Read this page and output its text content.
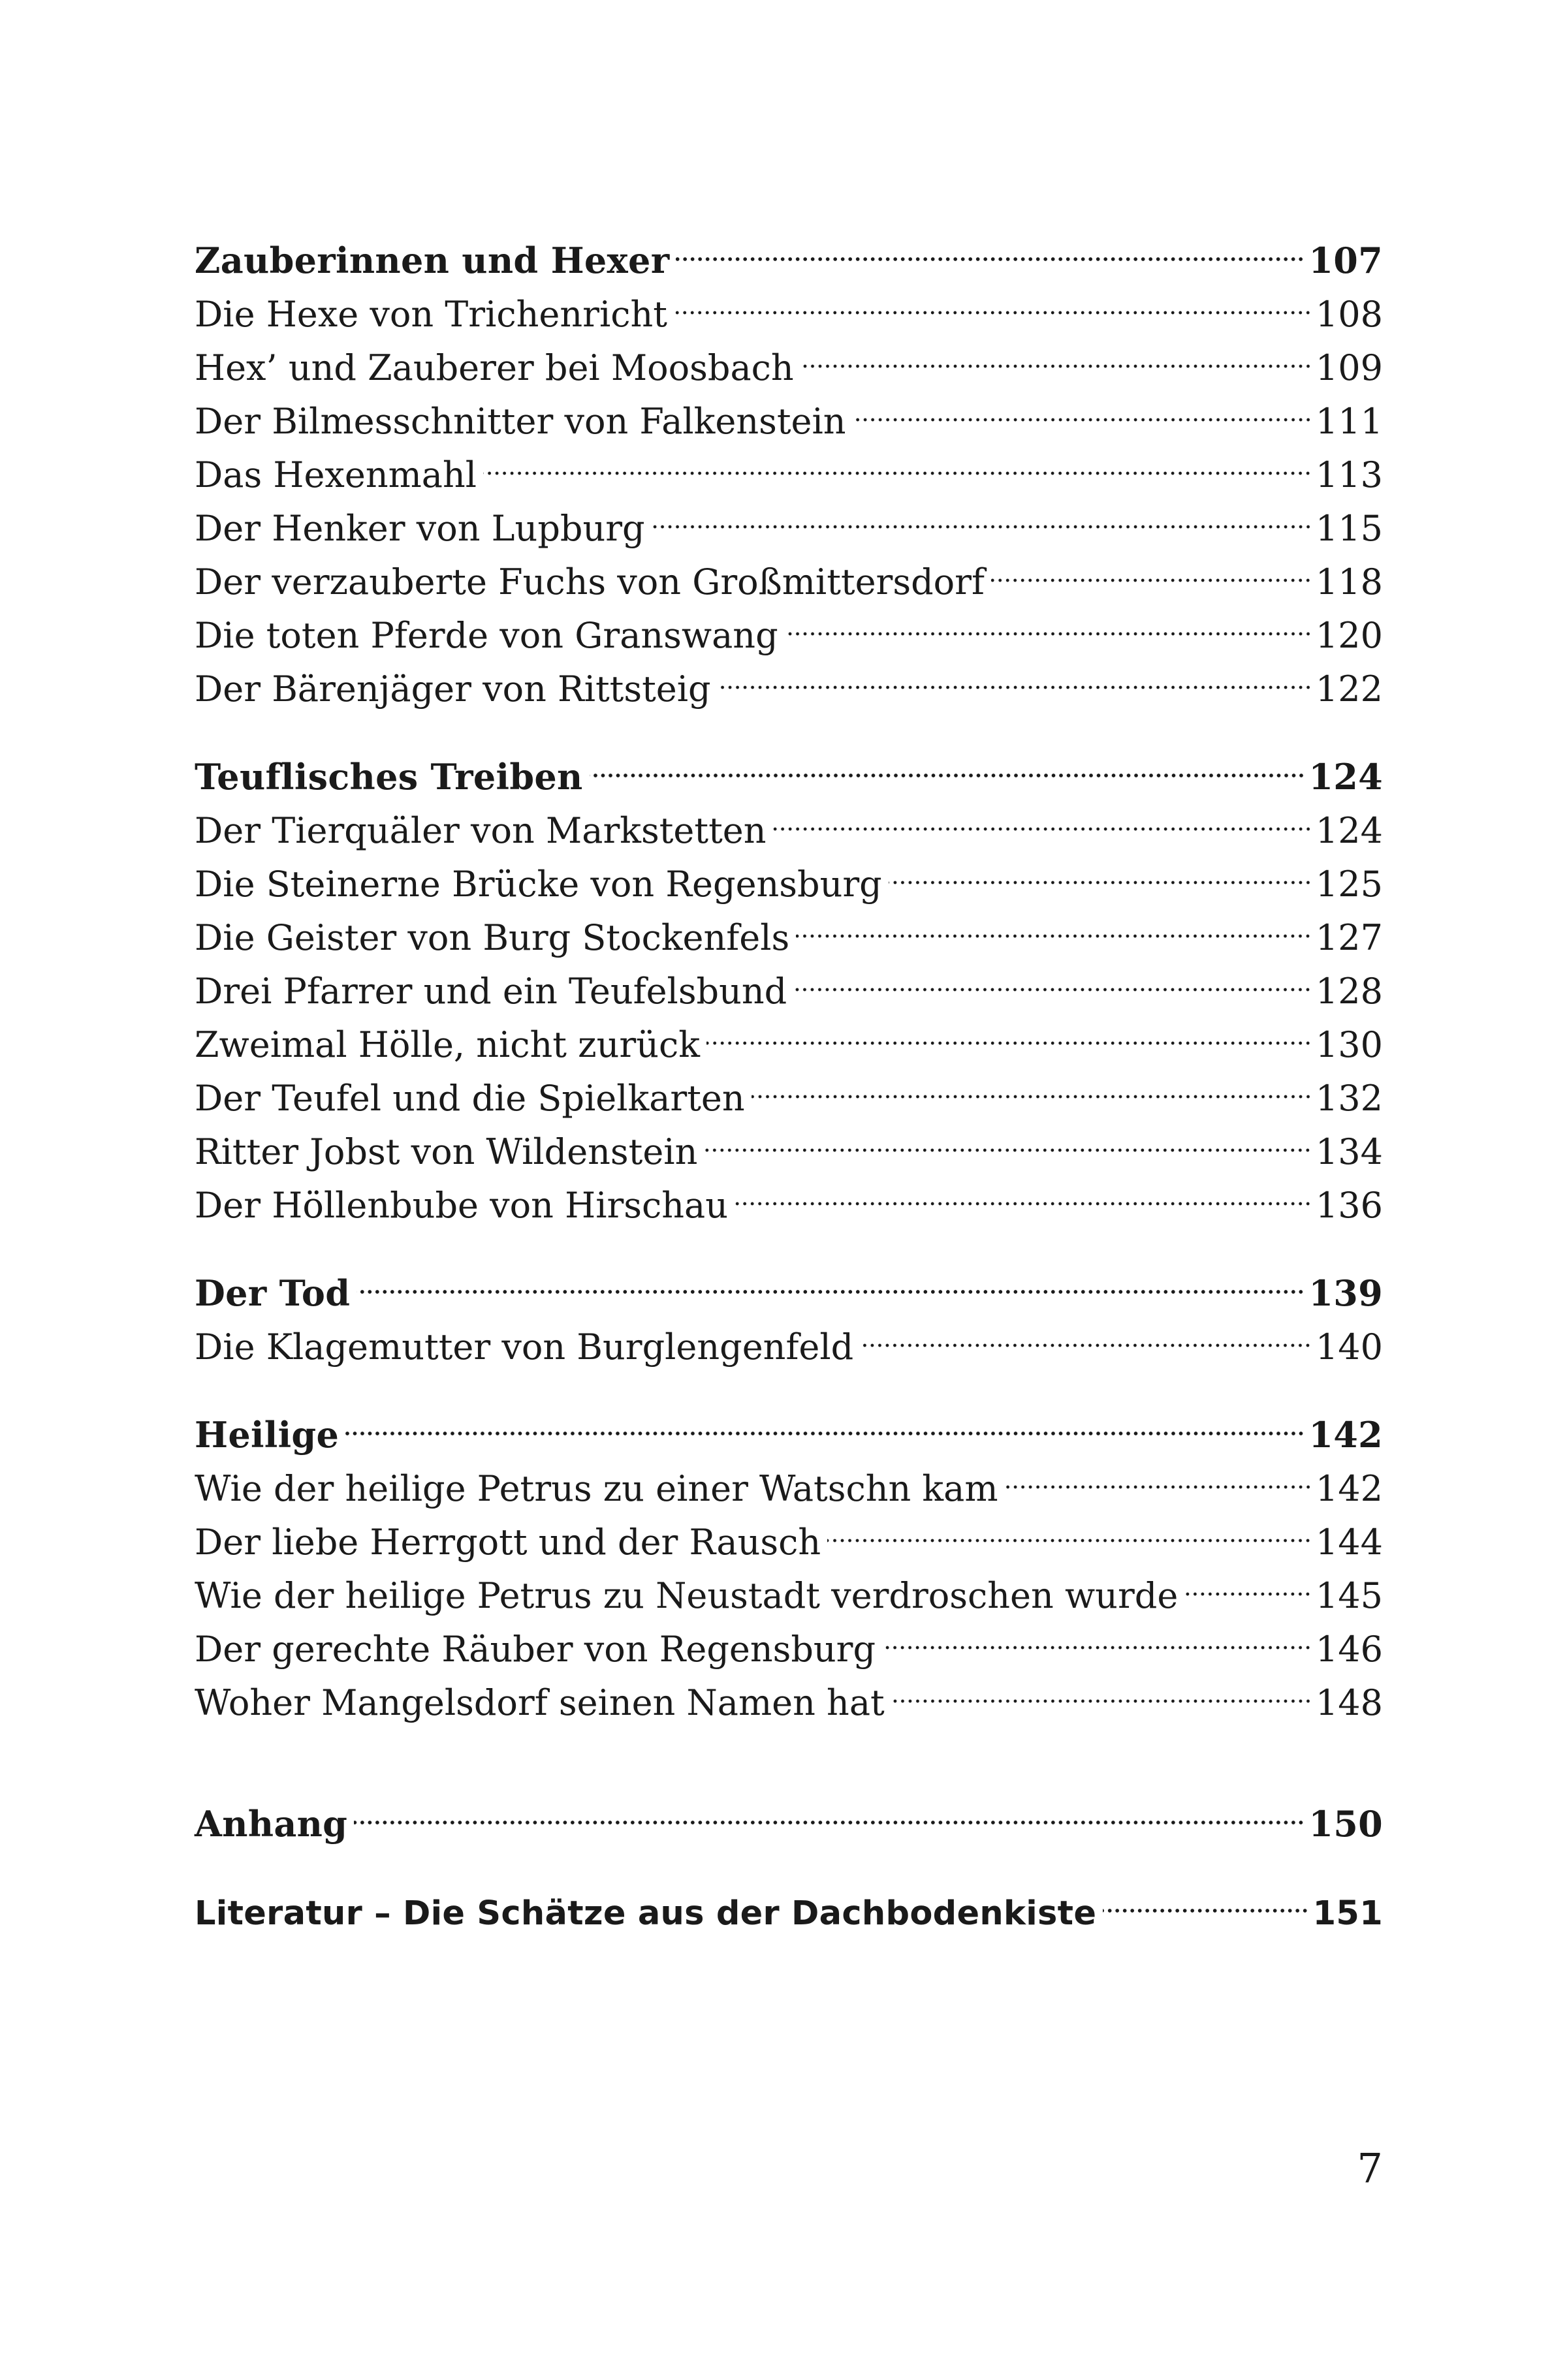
Zauberinnen und Hexer	107
Die Hexe von Trichenricht	108
Hex’ und Zauberer bei Moosbach	109
Der Bilmesschnitter von Falkenstein	111
Das Hexenmahl	113
Der Henker von Lupburg	115
Der verzauberte Fuchs von Großmittersdorf	118
Die toten Pferde von Granswang	120
Der Bärenjäger von Rittsteig	122
Teuflisches Treiben	124
Der Tierquäler von Markstetten	124
Die Steinerne Brücke von Regensburg	125
Die Geister von Burg Stockenfels	127
Drei Pfarrer und ein Teufelsbund	128
Zweimal Hölle, nicht zurück	130
Der Teufel und die Spielkarten	132
Ritter Jobst von Wildenstein	134
Der Höllenbube von Hirschau	136
Der Tod	139
Die Klagemutter von Burglengenfeld	140
Heilige	142
Wie der heilige Petrus zu einer Watschn kam	142
Der liebe Herrgott und der Rausch	144
Wie der heilige Petrus zu Neustadt verdroschen wurde	145
Der gerechte Räuber von Regensburg	146
Woher Mangelsdorf seinen Namen hat	148
Anhang	150
Literatur – Die Schätze aus der Dachbodenkiste	151
7
